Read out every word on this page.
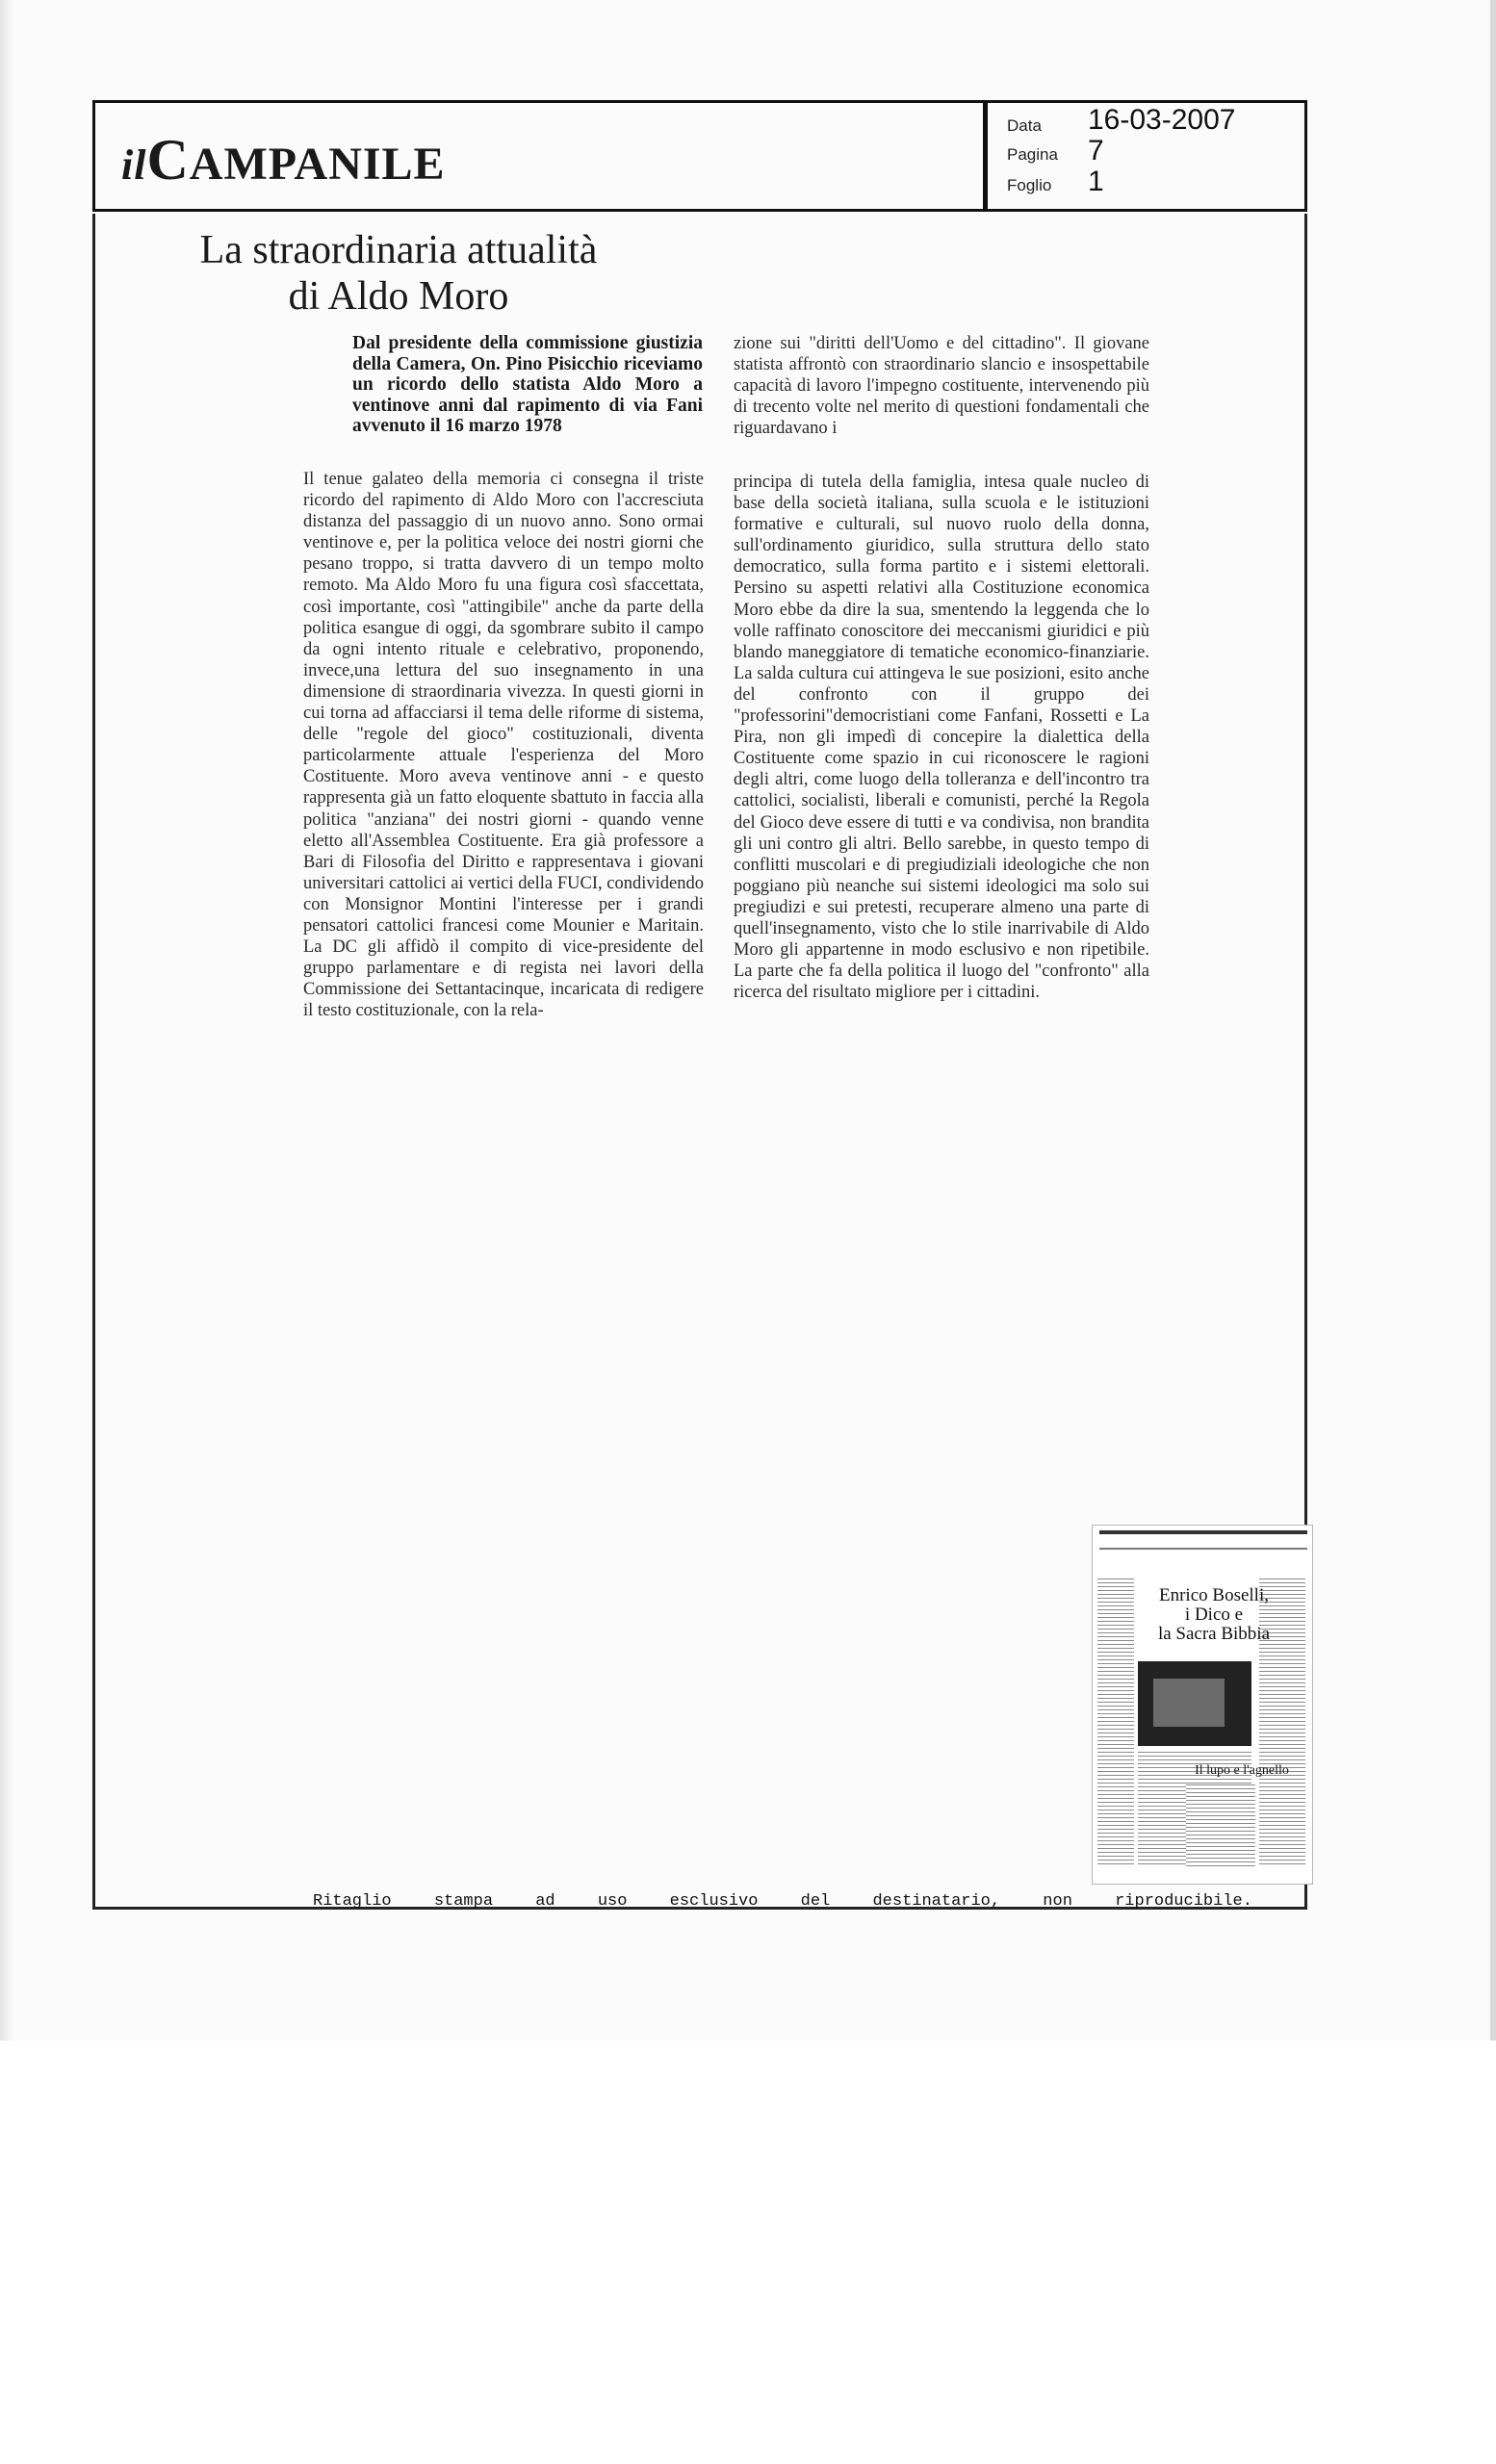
ilCAMPANILE
Data 16-03-2007
Pagina 7
Foglio 1
La straordinaria attualità
di Aldo Moro
Dal presidente della commissione giustizia della Camera, On. Pino Pisicchio riceviamo un ricordo dello statista Aldo Moro a ventinove anni dal rapimento di via Fani avvenuto il 16 marzo 1978

Il tenue galateo della memoria ci consegna il triste ricordo del rapimento di Aldo Moro con l'accresciuta distanza del passaggio di un nuovo anno. Sono ormai ventinove e, per la politica veloce dei nostri giorni che pesano troppo, si tratta davvero di un tempo molto remoto. Ma Aldo Moro fu una figura così sfaccettata, così importante, così "attingibile" anche da parte della politica esangue di oggi, da sgombrare subito il campo da ogni intento rituale e celebrativo, proponendo, invece,una lettura del suo insegnamento in una dimensione di straordinaria vivezza. In questi giorni in cui torna ad affacciarsi il tema delle riforme di sistema, delle "regole del gioco" costituzionali, diventa particolarmente attuale l'esperienza del Moro Costituente. Moro aveva ventinove anni - e questo rappresenta già un fatto eloquente sbattuto in faccia alla politica "anziana" dei nostri giorni - quando venne eletto all'Assemblea Costituente. Era già professore a Bari di Filosofia del Diritto e rappresentava i giovani universitari cattolici ai vertici della FUCI, condividendo con Monsignor Montini l'interesse per i grandi pensatori cattolici francesi come Mounier e Maritain. La DC gli affidò il compito di vice-presidente del gruppo parlamentare e di regista nei lavori della Commissione dei Settantacinque, incaricata di redigere il testo costituzionale, con la rela-

zione sui "diritti dell'Uomo e del cittadino". Il giovane statista affrontò con straordinario slancio e insospettabile capacità di lavoro l'impegno costituente, intervenendo più di trecento volte nel merito di questioni fondamentali che riguardavano i

principa di tutela della famiglia, intesa quale nucleo di base della società italiana, sulla scuola e le istituzioni formative e culturali, sul nuovo ruolo della donna, sull'ordinamento giuridico, sulla struttura dello stato democratico, sulla forma partito e i sistemi elettorali. Persino su aspetti relativi alla Costituzione economica Moro ebbe da dire la sua, smentendo la leggenda che lo volle raffinato conoscitore dei meccanismi giuridici e più blando maneggiatore di tematiche economico-finanziarie. La salda cultura cui attingeva le sue posizioni, esito anche del confronto con il gruppo dei "professorini"democristiani come Fanfani, Rossetti e La Pira, non gli impedì di concepire la dialettica della Costituente come spazio in cui riconoscere le ragioni degli altri, come luogo della tolleranza e dell'incontro tra cattolici, socialisti, liberali e comunisti, perché la Regola del Gioco deve essere di tutti e va condivisa, non brandita gli uni contro gli altri. Bello sarebbe, in questo tempo di conflitti muscolari e di pregiudiziali ideologiche che non poggiano più neanche sui sistemi ideologici ma solo sui pregiudizi e sui pretesti, recuperare almeno una parte di quell'insegnamento, visto che lo stile inarrivabile di Aldo Moro gli appartenne in modo esclusivo e non ripetibile. La parte che fa della politica il luogo del "confronto" alla ricerca del risultato migliore per i cittadini.

Enrico Boselli,
i Dico e
la Sacra Bibbia
Il lupo e l'agnello
Ritaglio stampa ad uso esclusivo del destinatario, non riproducibile.
